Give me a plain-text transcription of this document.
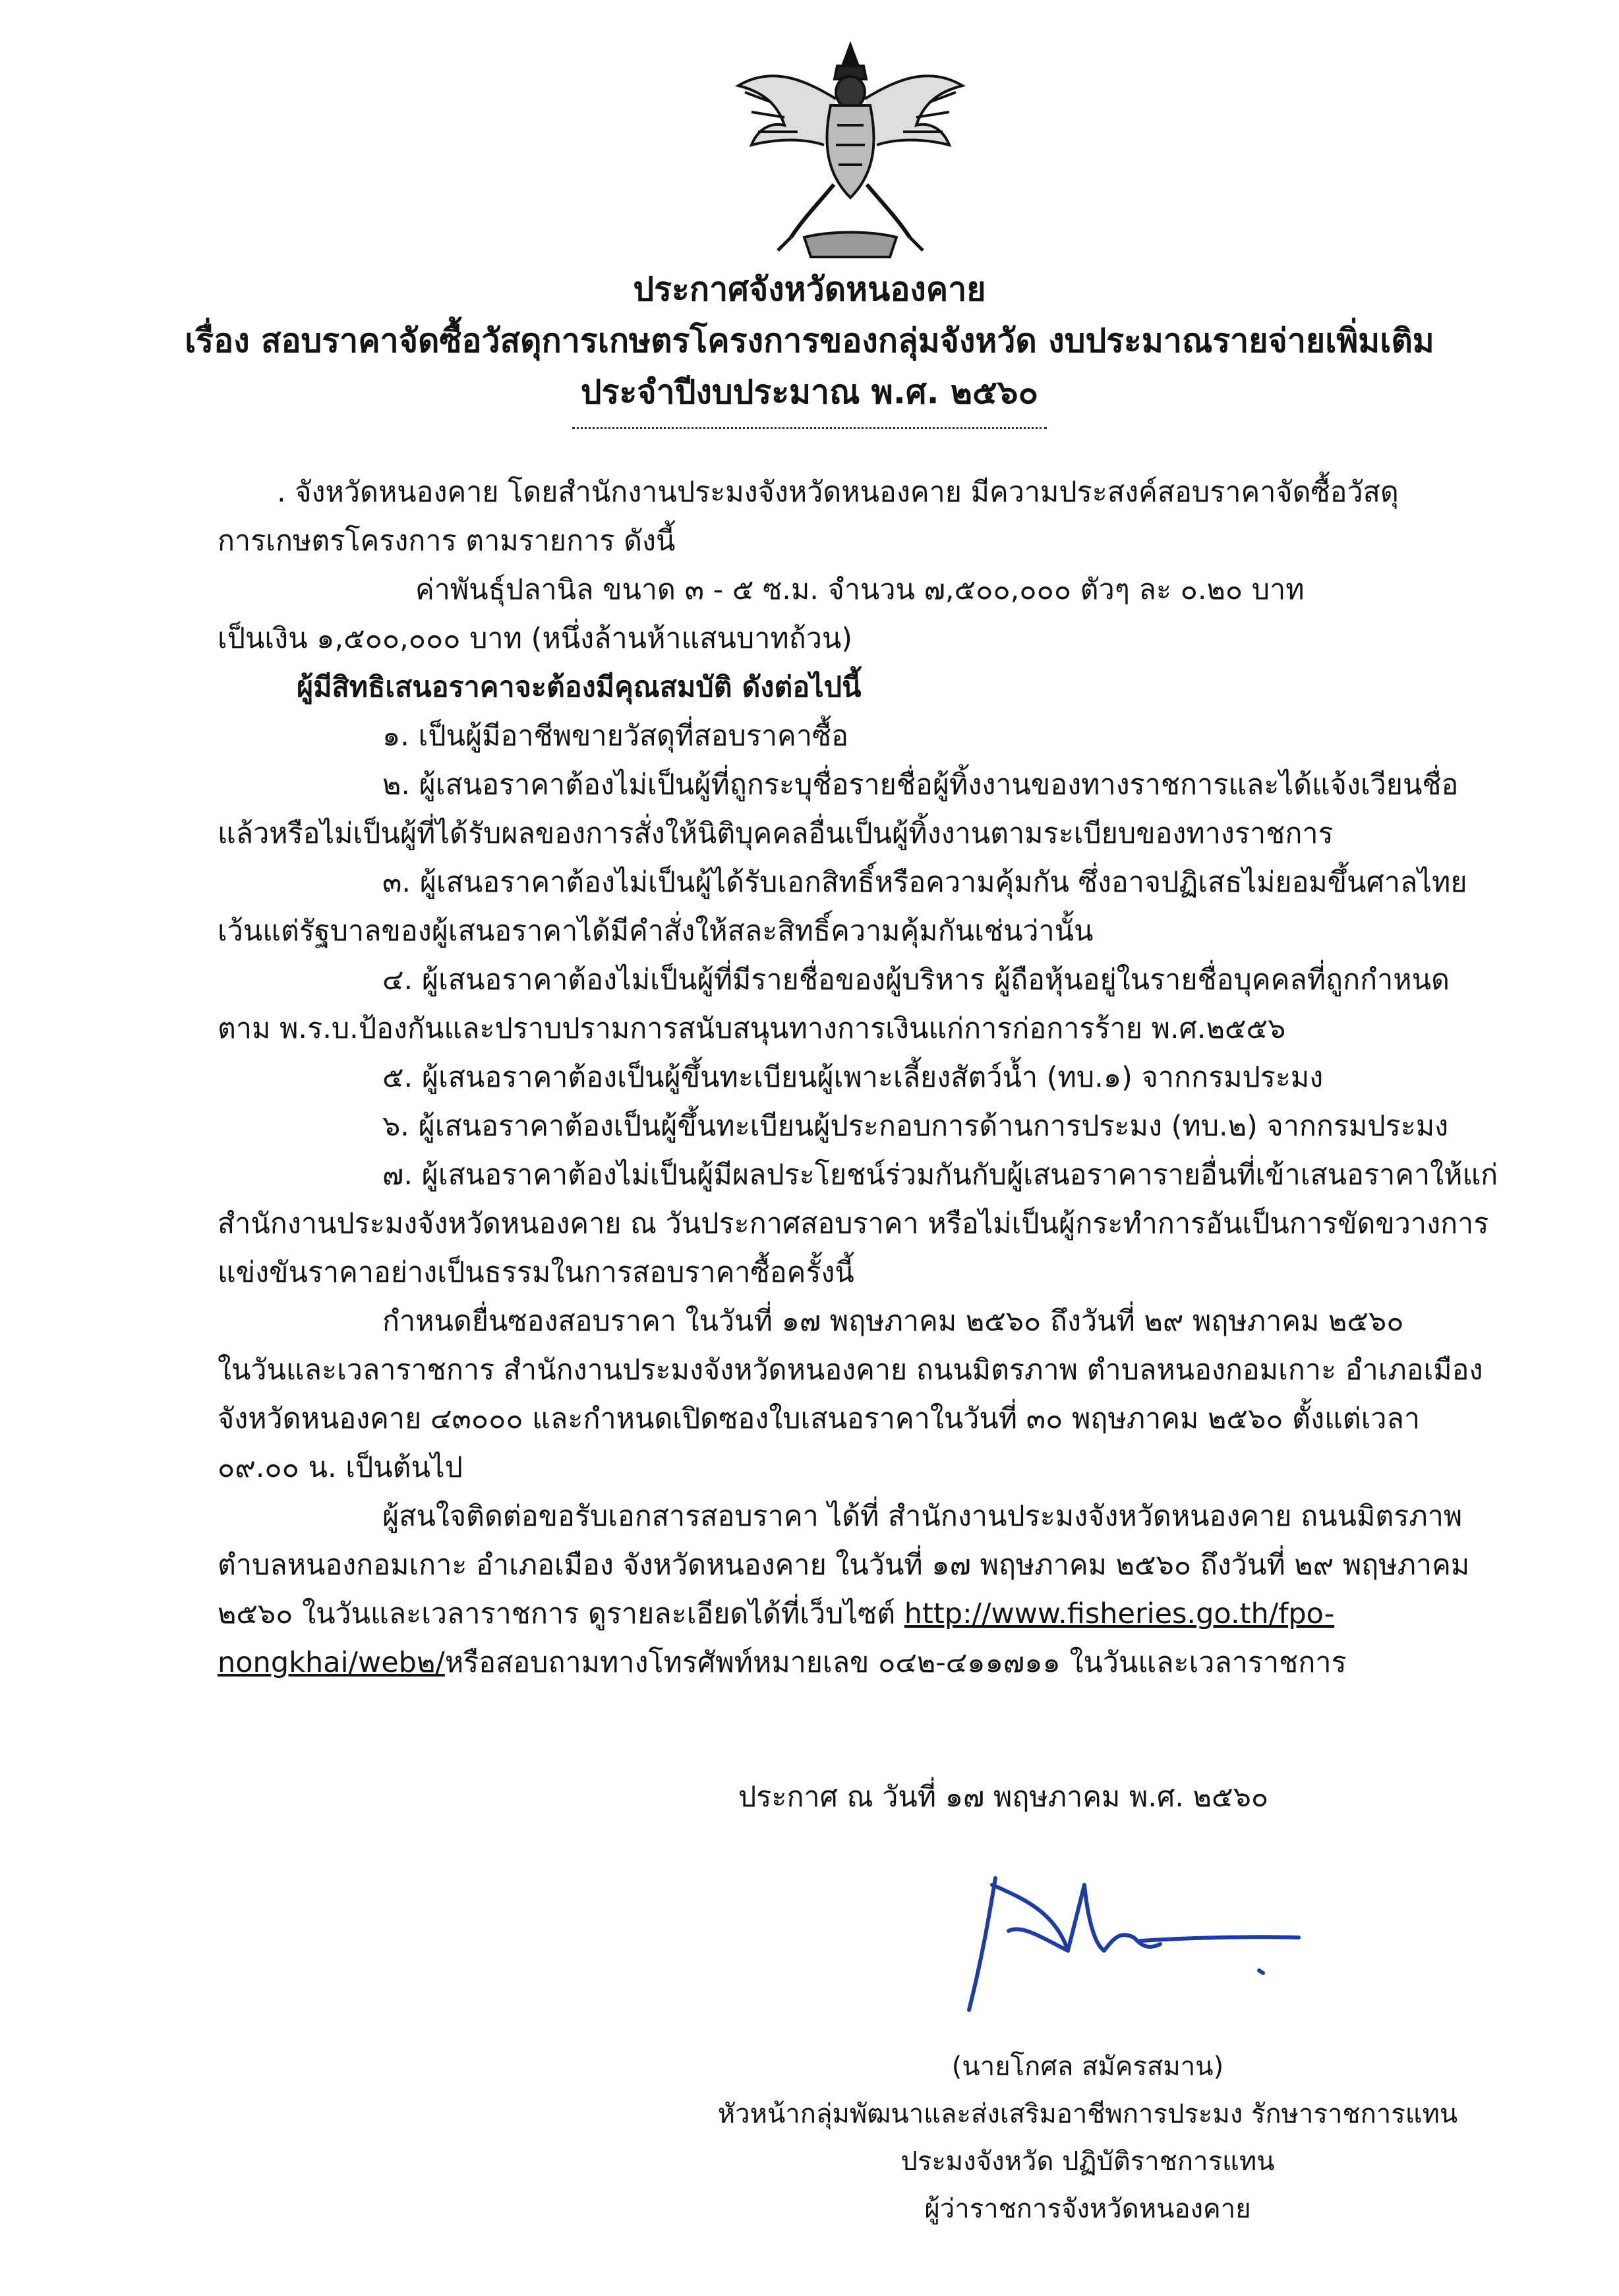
ประกาศจังหวัดหนองคาย

เรื่อง สอบราคาจัดซื้อวัสดุการเกษตรโครงการของกลุ่มจังหวัด งบประมาณรายจ่ายเพิ่มเติม

ประจำปีงบประมาณ พ.ศ. ๒๕๖๐

. จังหวัดหนองคาย โดยสำนักงานประมงจังหวัดหนองคาย มีความประสงค์สอบราคาจัดซื้อวัสดุ

การเกษตรโครงการ ตามรายการ ดังนี้

ค่าพันธุ์ปลานิล ขนาด ๓ - ๕ ซ.ม. จำนวน ๗,๕๐๐,๐๐๐ ตัวๆ ละ ๐.๒๐ บาท

เป็นเงิน ๑,๕๐๐,๐๐๐ บาท (หนึ่งล้านห้าแสนบาทถ้วน)

ผู้มีสิทธิเสนอราคาจะต้องมีคุณสมบัติ ดังต่อไปนี้

๑. เป็นผู้มีอาชีพขายวัสดุที่สอบราคาซื้อ

๒. ผู้เสนอราคาต้องไม่เป็นผู้ที่ถูกระบุชื่อรายชื่อผู้ทิ้งงานของทางราชการและได้แจ้งเวียนชื่อ

แล้วหรือไม่เป็นผู้ที่ได้รับผลของการสั่งให้นิติบุคคลอื่นเป็นผู้ทิ้งงานตามระเบียบของทางราชการ

๓. ผู้เสนอราคาต้องไม่เป็นผู้ได้รับเอกสิทธิ์หรือความคุ้มกัน ซึ่งอาจปฏิเสธไม่ยอมขึ้นศาลไทย

เว้นแต่รัฐบาลของผู้เสนอราคาได้มีคำสั่งให้สละสิทธิ์ความคุ้มกันเช่นว่านั้น

๔. ผู้เสนอราคาต้องไม่เป็นผู้ที่มีรายชื่อของผู้บริหาร ผู้ถือหุ้นอยู่ในรายชื่อบุคคลที่ถูกกำหนด

ตาม พ.ร.บ.ป้องกันและปราบปรามการสนับสนุนทางการเงินแก่การก่อการร้าย พ.ศ.๒๕๕๖

๕. ผู้เสนอราคาต้องเป็นผู้ขึ้นทะเบียนผู้เพาะเลี้ยงสัตว์น้ำ (ทบ.๑) จากกรมประมง

๖. ผู้เสนอราคาต้องเป็นผู้ขึ้นทะเบียนผู้ประกอบการด้านการประมง (ทบ.๒) จากกรมประมง

๗. ผู้เสนอราคาต้องไม่เป็นผู้มีผลประโยชน์ร่วมกันกับผู้เสนอราคารายอื่นที่เข้าเสนอราคาให้แก่

สำนักงานประมงจังหวัดหนองคาย ณ วันประกาศสอบราคา หรือไม่เป็นผู้กระทำการอันเป็นการขัดขวางการ

แข่งขันราคาอย่างเป็นธรรมในการสอบราคาซื้อครั้งนี้

กำหนดยื่นซองสอบราคา ในวันที่ ๑๗ พฤษภาคม ๒๕๖๐ ถึงวันที่ ๒๙ พฤษภาคม ๒๕๖๐

ในวันและเวลาราชการ สำนักงานประมงจังหวัดหนองคาย ถนนมิตรภาพ ตำบลหนองกอมเกาะ อำเภอเมือง

จังหวัดหนองคาย ๔๓๐๐๐ และกำหนดเปิดซองใบเสนอราคาในวันที่ ๓๐ พฤษภาคม ๒๕๖๐ ตั้งแต่เวลา

๐๙.๐๐ น. เป็นต้นไป

ผู้สนใจติดต่อขอรับเอกสารสอบราคา ได้ที่ สำนักงานประมงจังหวัดหนองคาย ถนนมิตรภาพ

ตำบลหนองกอมเกาะ อำเภอเมือง จังหวัดหนองคาย ในวันที่ ๑๗ พฤษภาคม ๒๕๖๐ ถึงวันที่ ๒๙ พฤษภาคม

๒๕๖๐ ในวันและเวลาราชการ ดูรายละเอียดได้ที่เว็บไซต์ http://www.fisheries.go.th/fpo-

nongkhai/web๒/หรือสอบถามทางโทรศัพท์หมายเลข ๐๔๒-๔๑๑๗๑๑ ในวันและเวลาราชการ

ประกาศ ณ วันที่ ๑๗ พฤษภาคม พ.ศ. ๒๕๖๐

(นายโกศล สมัครสมาน)

หัวหน้ากลุ่มพัฒนาและส่งเสริมอาชีพการประมง รักษาราชการแทน

ประมงจังหวัด ปฏิบัติราชการแทน

ผู้ว่าราชการจังหวัดหนองคาย
